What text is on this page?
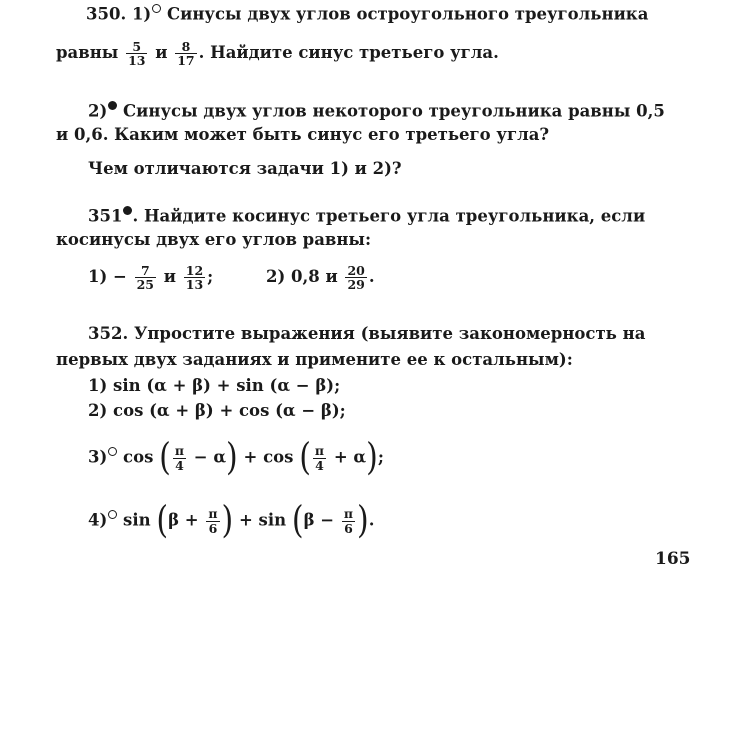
350. 1) Синусы двух углов остроугольного треугольника
равны $\frac{5}{13}$ и $\frac{8}{17}$ . Найдите синус третьего угла.
2) Синусы двух углов некоторого треугольника равны 0,5
и 0,6. Каким может быть синус его третьего угла?
Чем отличаются задачи 1) и 2)?
351 . Найдите косинус третьего угла треугольника, если
косинусы двух его углов равны:
$1) - \frac{7}{25}$ и $\frac{12}{13}$ ;	2) 0,8 и $\frac{20}{29}$ .
352. Упростите выражения (выявите закономерность на
первых двух заданиях и примените ее к остальным):
1) sin (α + β) + sin (α − β);
2) cos (α + β) + cos (α − β);
3) cos ( $\frac{\pi}{4} - \alpha) + \cos$ ( $\frac{\pi}{4} + \alpha$);
4) $\sin (\beta + \frac{\pi}{6}$ ) + $\sin (\beta - \frac{\pi}{6}$ ).
165
